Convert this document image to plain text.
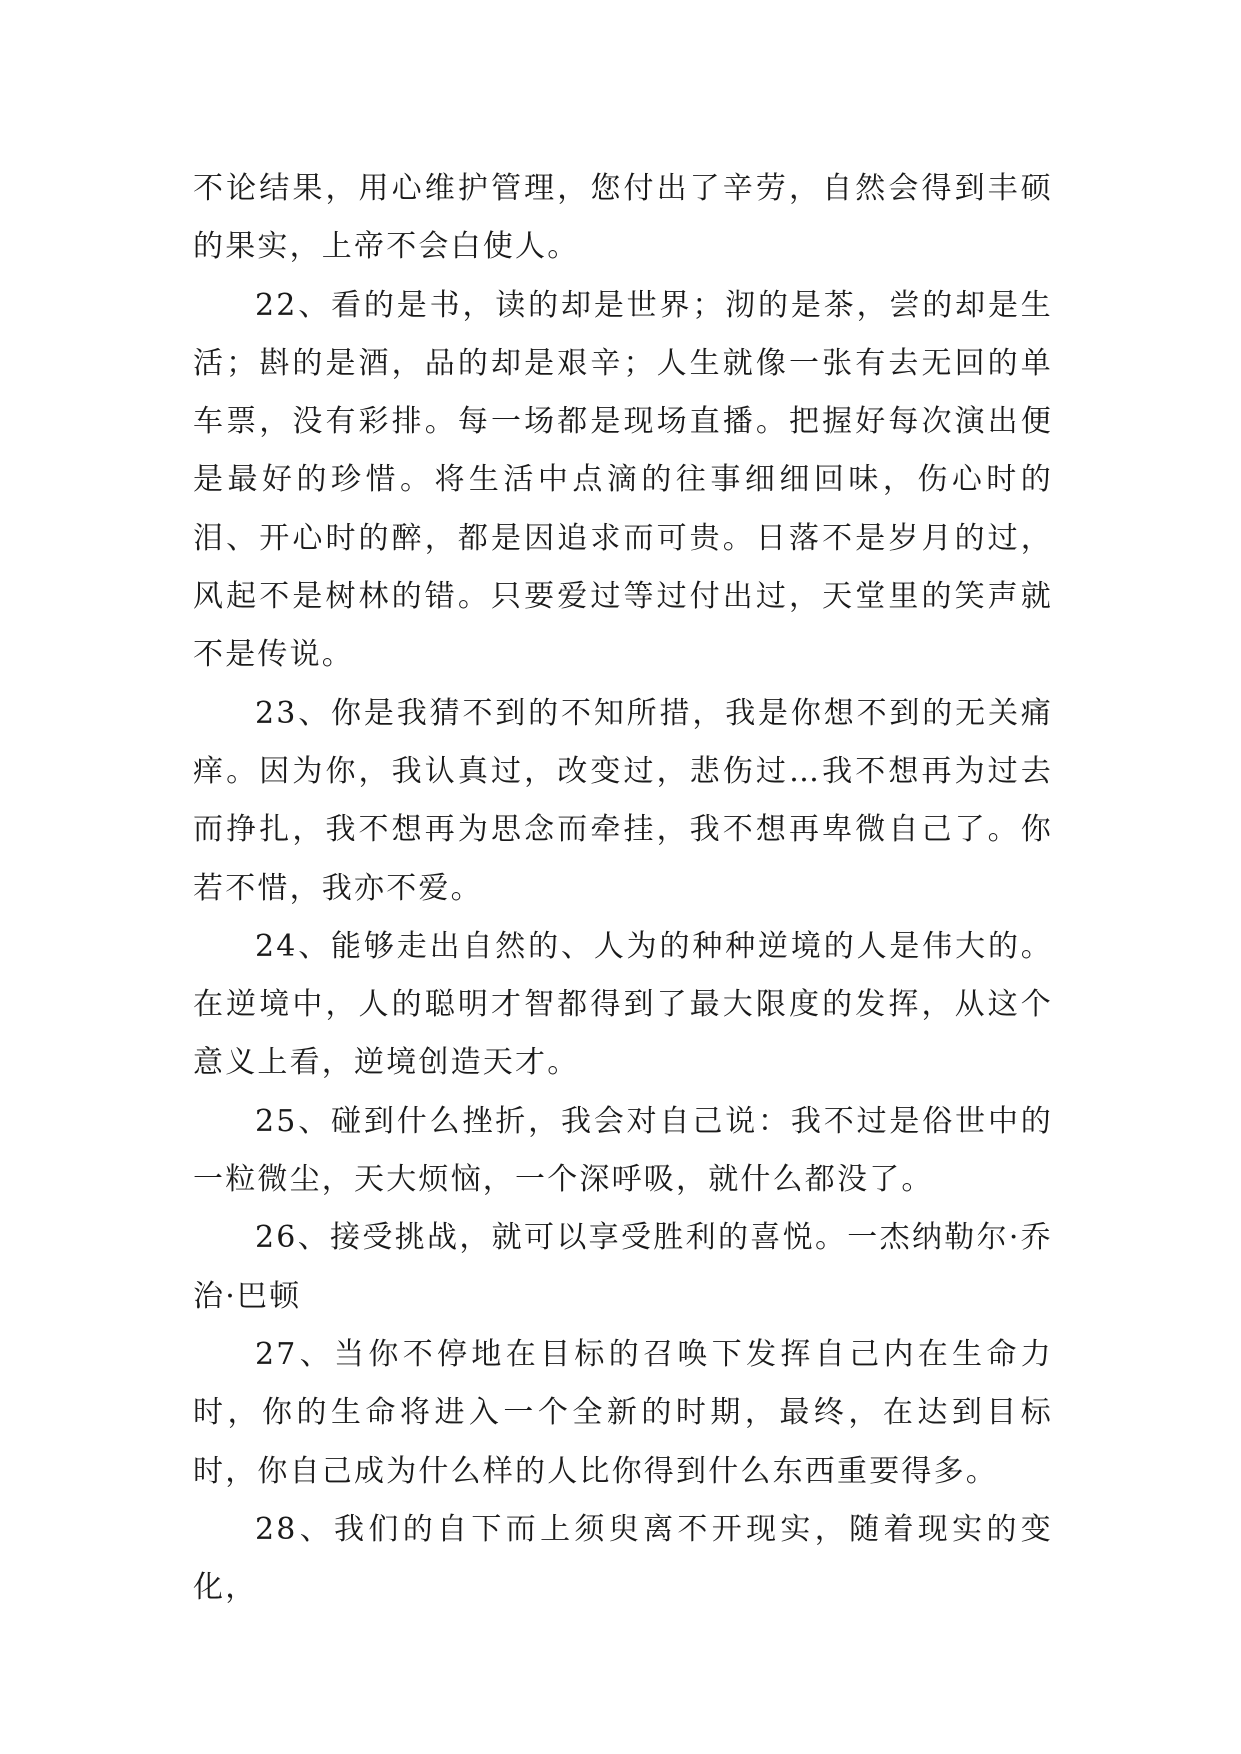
不论结果，用心维护管理，您付出了辛劳，自然会得到丰硕的果实，上帝不会白使人。

22、看的是书，读的却是世界；沏的是茶，尝的却是生活；斟的是酒，品的却是艰辛；人生就像一张有去无回的单车票，没有彩排。每一场都是现场直播。把握好每次演出便是最好的珍惜。将生活中点滴的往事细细回味，伤心时的泪、开心时的醉，都是因追求而可贵。日落不是岁月的过，风起不是树林的错。只要爱过等过付出过，天堂里的笑声就不是传说。

23、你是我猜不到的不知所措，我是你想不到的无关痛痒。因为你，我认真过，改变过，悲伤过…我不想再为过去而挣扎，我不想再为思念而牵挂，我不想再卑微自己了。你若不惜，我亦不爱。

24、能够走出自然的、人为的种种逆境的人是伟大的。在逆境中，人的聪明才智都得到了最大限度的发挥，从这个意义上看，逆境创造天才。

25、碰到什么挫折，我会对自己说：我不过是俗世中的一粒微尘，天大烦恼，一个深呼吸，就什么都没了。

26、接受挑战，就可以享受胜利的喜悦。一杰纳勒尔·乔治·巴顿

27、当你不停地在目标的召唤下发挥自己内在生命力时，你的生命将进入一个全新的时期，最终，在达到目标时，你自己成为什么样的人比你得到什么东西重要得多。

28、我们的自下而上须臾离不开现实，随着现实的变化，
